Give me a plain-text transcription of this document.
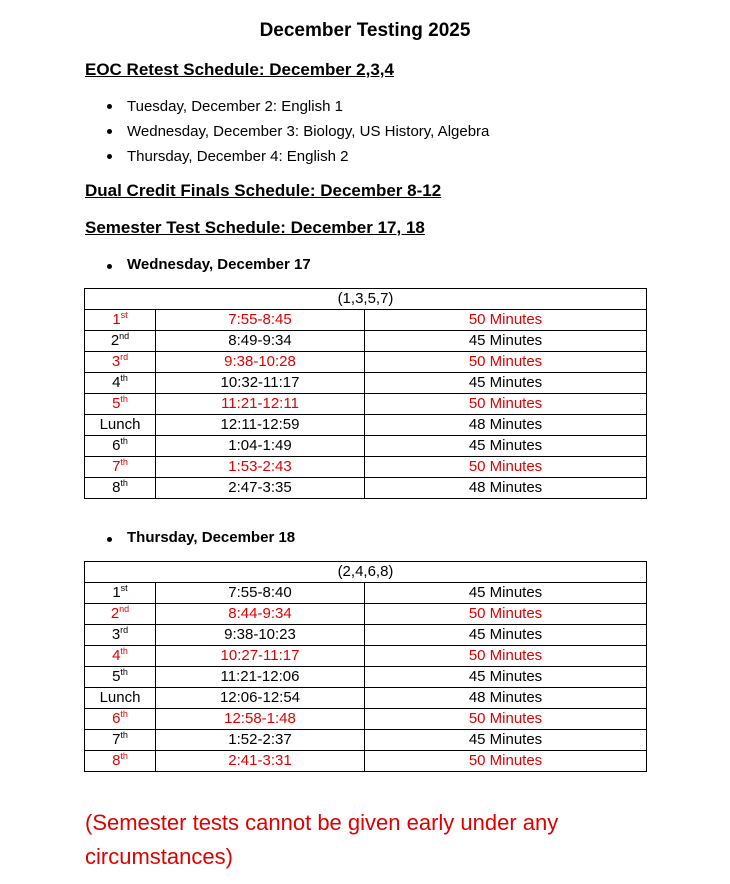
December Testing 2025
EOC Retest Schedule: December 2,3,4
Tuesday, December 2: English 1
Wednesday, December 3: Biology, US History, Algebra
Thursday, December 4: English 2
Dual Credit Finals Schedule: December 8-12
Semester Test Schedule: December 17, 18
Wednesday, December 17
(1,3,5,7)		
1st	7:55-8:45	50 Minutes
2nd	8:49-9:34	45 Minutes
3rd	9:38-10:28	50 Minutes
4th	10:32-11:17	45 Minutes
5th	11:21-12:11	50 Minutes
Lunch	12:11-12:59	48 Minutes
6th	1:04-1:49	45 Minutes
7th	1:53-2:43	50 Minutes
8th	2:47-3:35	48 Minutes
Thursday, December 18
(2,4,6,8)		
1st	7:55-8:40	45 Minutes
2nd	8:44-9:34	50 Minutes
3rd	9:38-10:23	45 Minutes
4th	10:27-11:17	50 Minutes
5th	11:21-12:06	45 Minutes
Lunch	12:06-12:54	48 Minutes
6th	12:58-1:48	50 Minutes
7th	1:52-2:37	45 Minutes
8th	2:41-3:31	50 Minutes
(Semester tests cannot be given early under any circumstances)
